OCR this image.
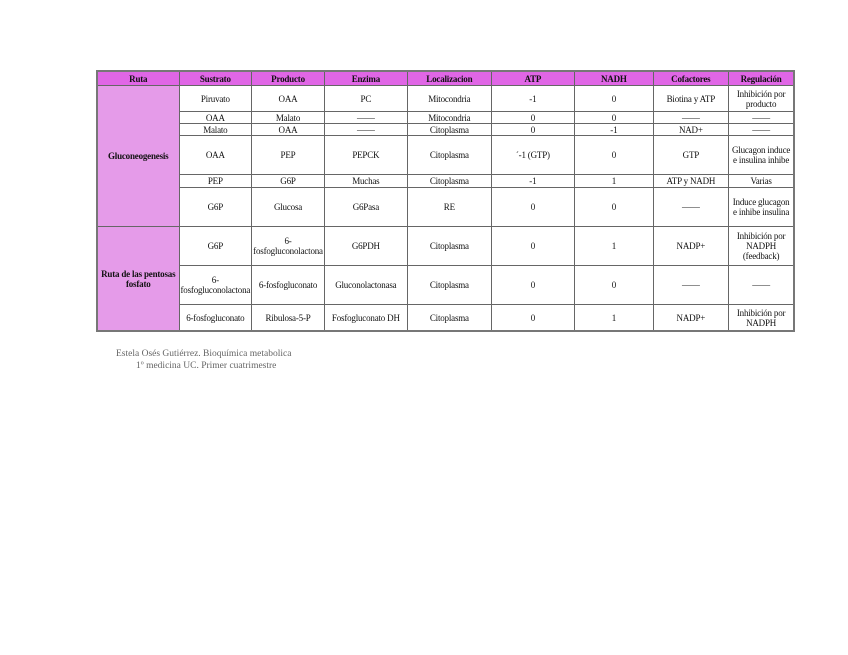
Ruta	Sustrato	Producto	Enzima	Localizacion	ATP	NADH	Cofactores	Regulación
Gluconeogenesis	Piruvato	OAA	PC	Mitocondria	-1	0	Biotina y ATP	Inhibición por producto
	OAA	Malato	——	Mitocondria	0	0	——	——
	Malato	OAA	——	Citoplasma	0	-1	NAD+	——
	OAA	PEP	PEPCK	Citoplasma	´-1 (GTP)	0	GTP	Glucagon induce e insulina inhibe
	PEP	G6P	Muchas	Citoplasma	-1	1	ATP y NADH	Varias
	G6P	Glucosa	G6Pasa	RE	0	0	——	Induce glucagon e inhibe insulina
Ruta de las pentosas fosfato	G6P	6-fosfogluconolactona	G6PDH	Citoplasma	0	1	NADP+	Inhibición por NADPH (feedback)
	6-fosfogluconolactona	6-fosfogluconato	Gluconolactonasa	Citoplasma	0	0	——	——
	6-fosfogluconato	Ribulosa-5-P	Fosfogluconato DH	Citoplasma	0	1	NADP+	Inhibición por NADPH
Estela Osés Gutiérrez. Bioquímica metabolica
1º medicina UC. Primer cuatrimestre
